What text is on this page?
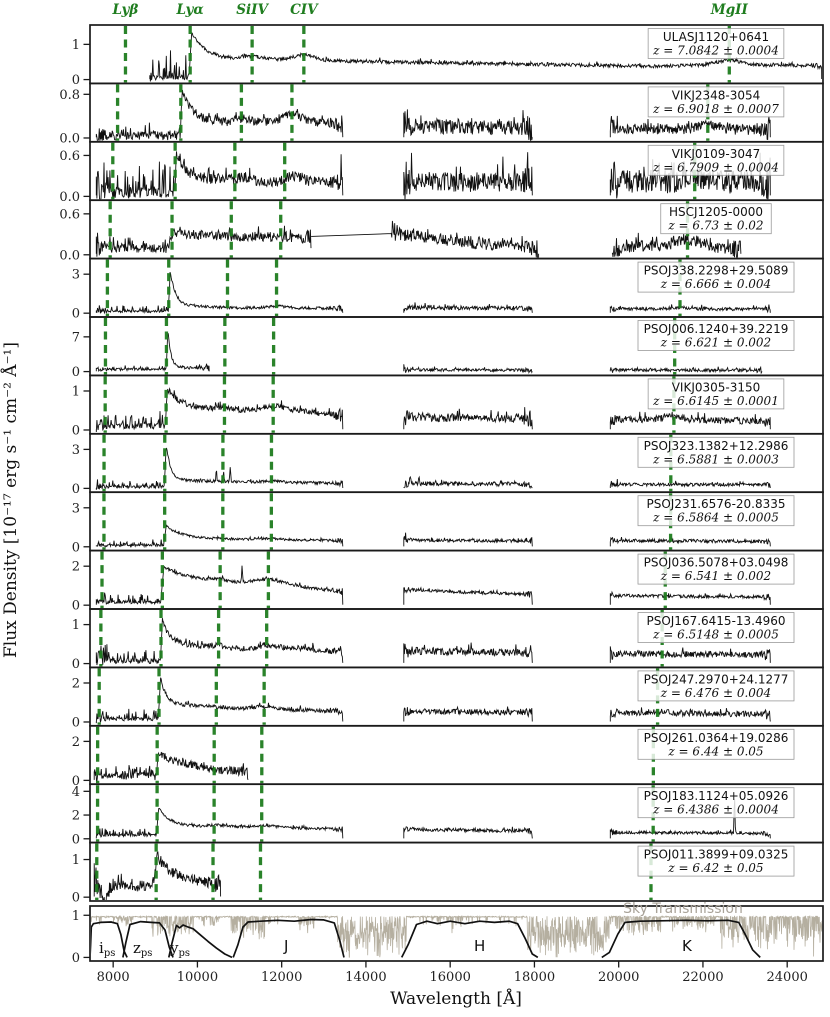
ULASJ1120+0641
z = 7.0842 ± 0.0004
1
0
VIKJ2348-3054
z = 6.9018 ± 0.0007
0.8
0.0
VIKJ0109-3047
z = 6.7909 ± 0.0004
0.6
0.0
HSCJ1205-0000
z = 6.73 ± 0.02
0.6
0.0
PSOJ338.2298+29.5089
z = 6.666 ± 0.004
3
0
PSOJ006.1240+39.2219
z = 6.621 ± 0.002
7
0
VIKJ0305-3150
z = 6.6145 ± 0.0001
1
0
PSOJ323.1382+12.2986
z = 6.5881 ± 0.0003
3
0
PSOJ231.6576-20.8335
z = 6.5864 ± 0.0005
3
0
PSOJ036.5078+03.0498
z = 6.541 ± 0.002
2
0
PSOJ167.6415-13.4960
z = 6.5148 ± 0.0005
1
0
PSOJ247.2970+24.1277
z = 6.476 ± 0.004
2
0
PSOJ261.0364+19.0286
z = 6.44 ± 0.05
2
0
PSOJ183.1124+05.0926
z = 6.4386 ± 0.0004
4
2
0
PSOJ011.3899+09.0325
z = 6.42 ± 0.05
1
0
Lyβ	Lyα SiIV CIV	MgII
1
0
8000	10000	12000	14000	16000	18000	20000	22000	24000
Wavelength [Å]
Flux Density [10⁻¹⁷ erg s⁻¹ cm⁻² Å⁻¹]
Sky Transmission
$i_{ps}$ $z_{ps}$ $y_{ps}$	J	H	K
